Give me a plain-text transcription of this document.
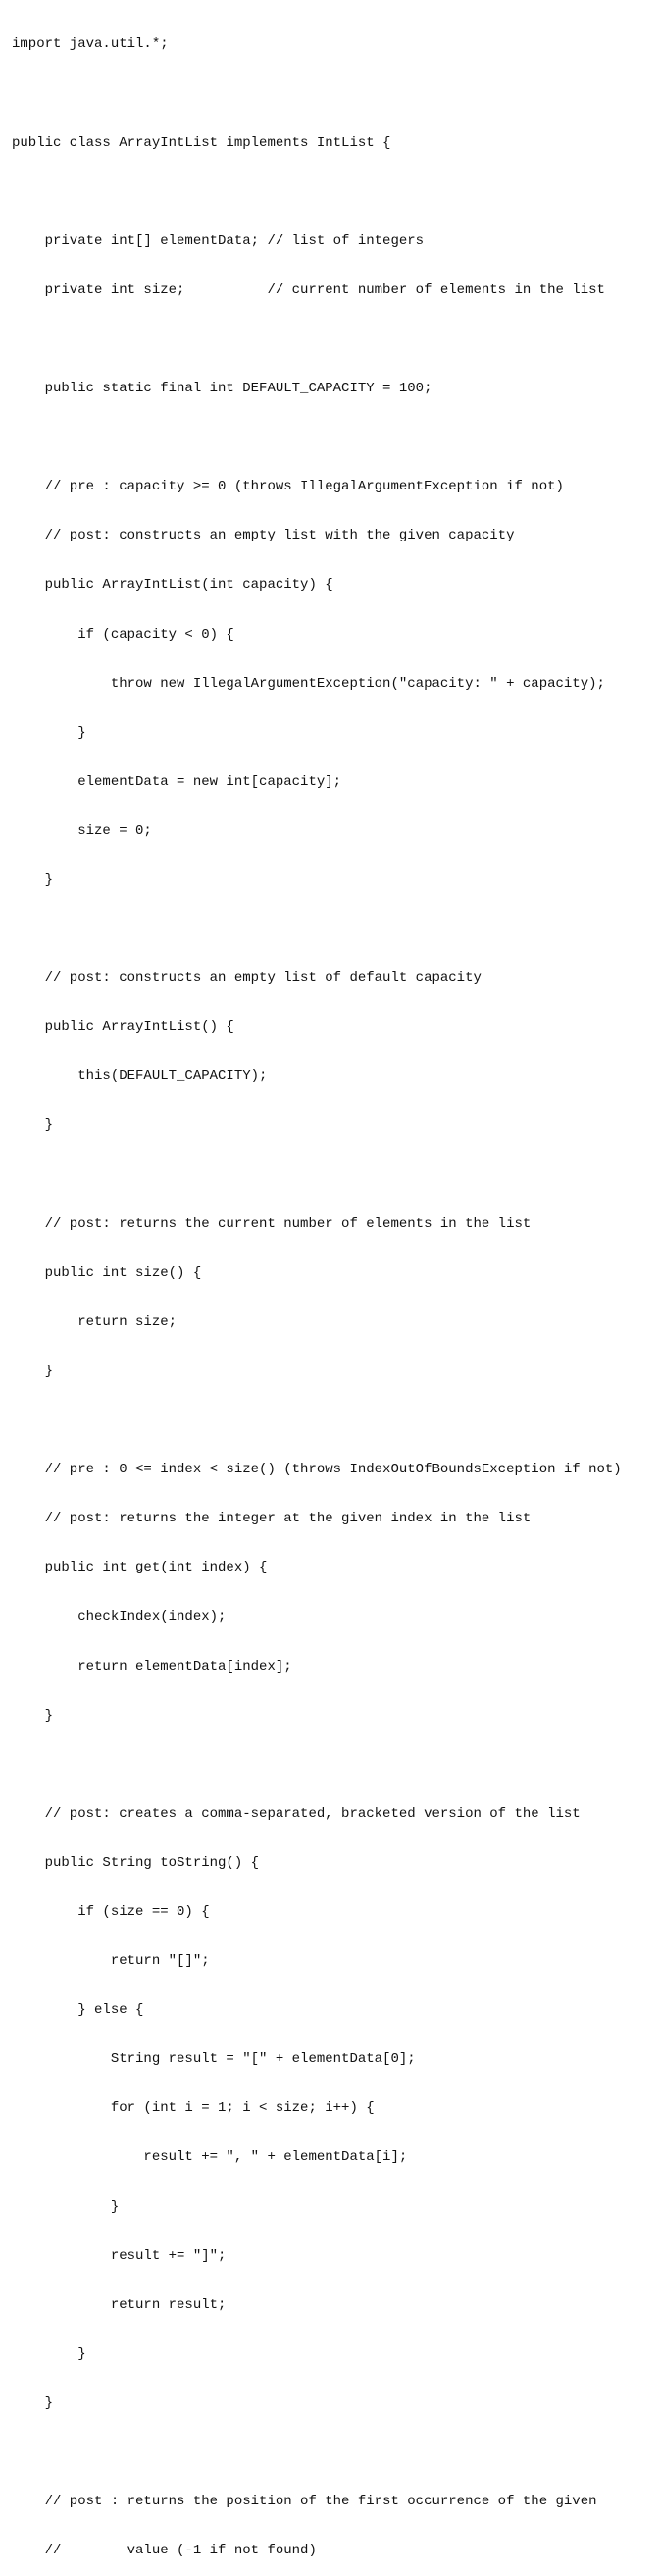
import java.util.*;

public class ArrayIntList implements IntList {

private int[] elementData; // list of integers

private int size;          // current number of elements in the list

public static final int DEFAULT_CAPACITY = 100;

// pre : capacity >= 0 (throws IllegalArgumentException if not)

// post: constructs an empty list with the given capacity

public ArrayIntList(int capacity) {

if (capacity < 0) {

throw new IllegalArgumentException("capacity: " + capacity);

}

elementData = new int[capacity];

size = 0;

}

// post: constructs an empty list of default capacity

public ArrayIntList() {

this(DEFAULT_CAPACITY);

}

// post: returns the current number of elements in the list

public int size() {

return size;

}

// pre : 0 <= index < size() (throws IndexOutOfBoundsException if not)

// post: returns the integer at the given index in the list

public int get(int index) {

checkIndex(index);

return elementData[index];

}

// post: creates a comma-separated, bracketed version of the list

public String toString() {

if (size == 0) {

return "[]";

} else {

String result = "[" + elementData[0];

for (int i = 1; i < size; i++) {

result += ", " + elementData[i];

}

result += "]";

return result;

}

}

// post : returns the position of the first occurrence of the given

//        value (-1 if not found)
